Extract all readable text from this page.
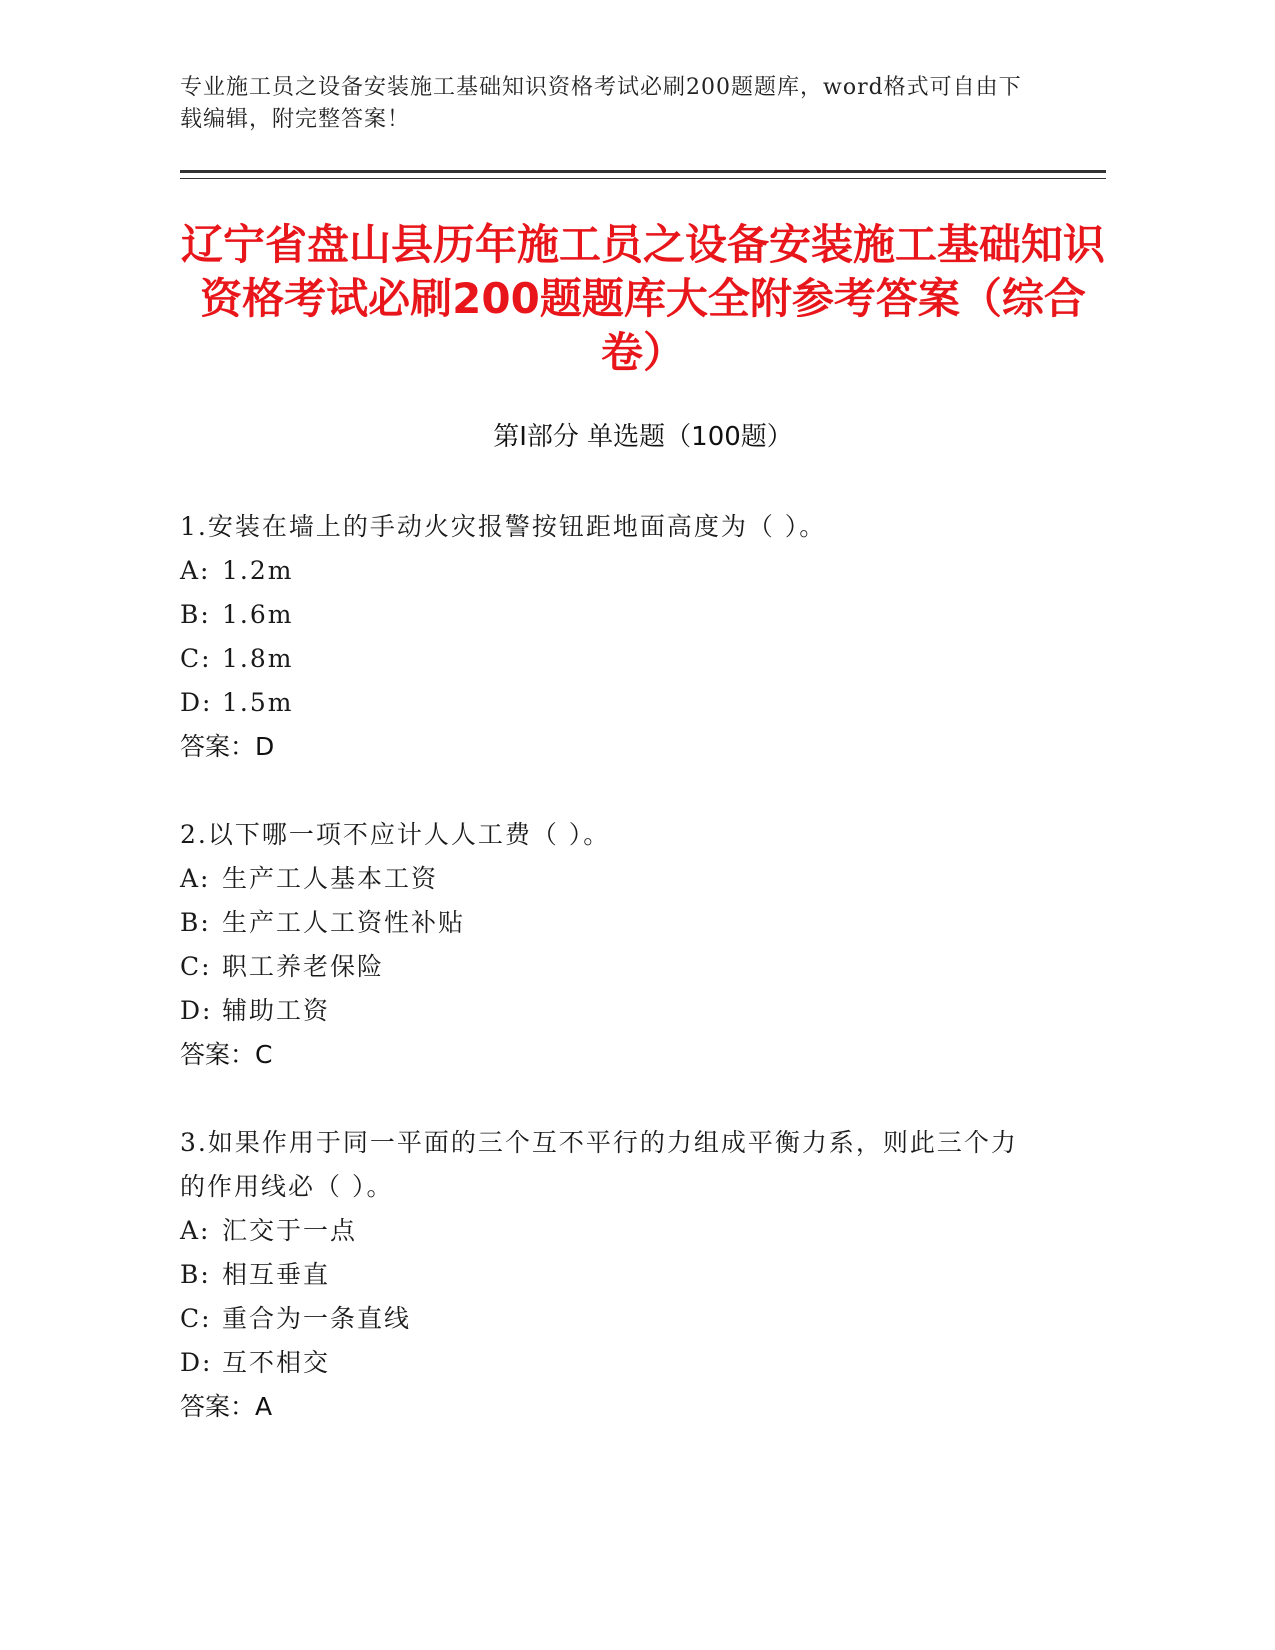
专业施工员之设备安装施工基础知识资格考试必刷200题题库，word格式可自由下载编辑，附完整答案！
辽宁省盘山县历年施工员之设备安装施工基础知识资格考试必刷200题题库大全附参考答案（综合卷）
第I部分 单选题（100题）
1.安装在墙上的手动火灾报警按钮距地面高度为（ ）。
A: 1.2m
B: 1.6m
C: 1.8m
D: 1.5m
答案：D
2.以下哪一项不应计人人工费（ ）。
A: 生产工人基本工资
B: 生产工人工资性补贴
C: 职工养老保险
D: 辅助工资
答案：C
3.如果作用于同一平面的三个互不平行的力组成平衡力系，则此三个力的作用线必（ ）。
A: 汇交于一点
B: 相互垂直
C: 重合为一条直线
D: 互不相交
答案：A
